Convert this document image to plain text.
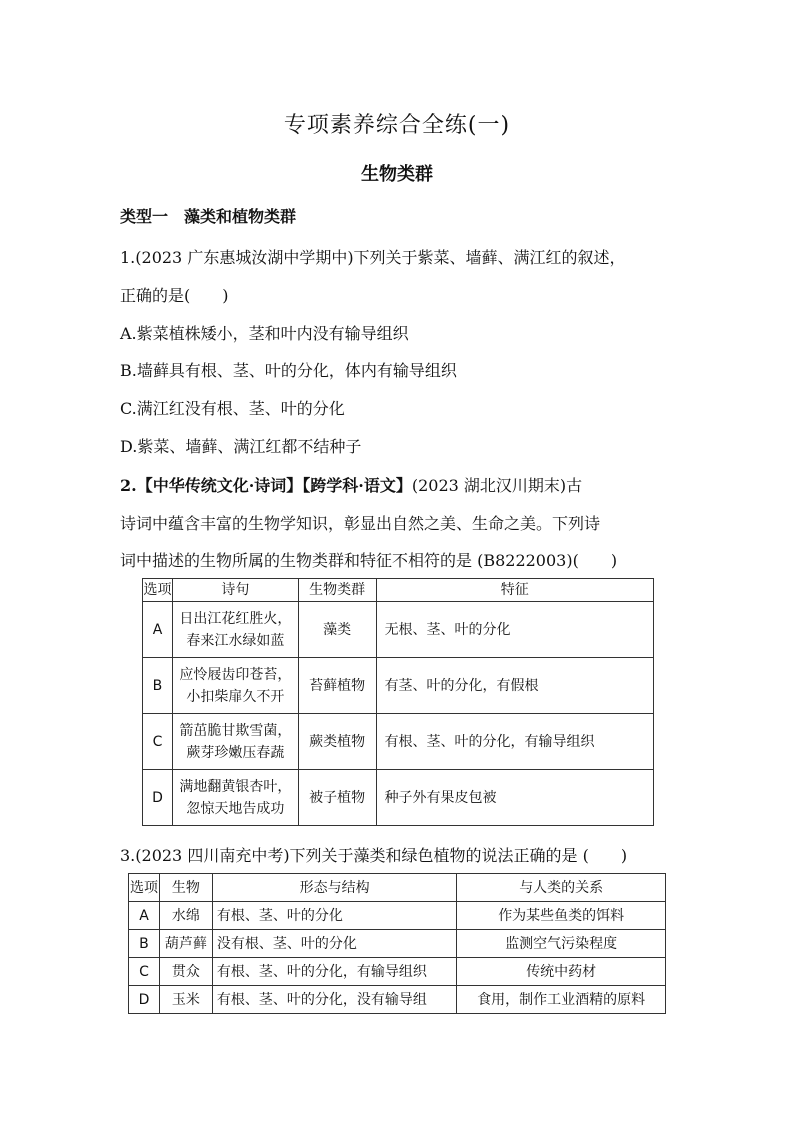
专项素养综合全练(一)
生物类群
类型一　藻类和植物类群
1.(2023 广东惠城汝湖中学期中)下列关于紫菜、墙藓、满江红的叙述，
正确的是(　　)
A.紫菜植株矮小，茎和叶内没有输导组织
B.墙藓具有根、茎、叶的分化，体内有输导组织
C.满江红没有根、茎、叶的分化
D.紫菜、墙藓、满江红都不结种子
2.【中华传统文化·诗词】【跨学科·语文】(2023 湖北汉川期末)古
诗词中蕴含丰富的生物学知识，彰显出自然之美、生命之美。下列诗
词中描述的生物所属的生物类群和特征不相符的是 (B8222003)(　　)
选项	诗句	生物类群	特征
A	日出江花红胜火，
春来江水绿如蓝	藻类	无根、茎、叶的分化
B	应怜屐齿印苍苔，
小扣柴扉久不开	苔藓植物	有茎、叶的分化，有假根
C	箭茁脆甘欺雪菌，
蕨芽珍嫩压春蔬	蕨类植物	有根、茎、叶的分化，有输导组织
D	满地翻黄银杏叶，
忽惊天地告成功	被子植物	种子外有果皮包被
3.(2023 四川南充中考)下列关于藻类和绿色植物的说法正确的是 (　　)
选项	生物	形态与结构	与人类的关系
A	水绵	有根、茎、叶的分化	作为某些鱼类的饵料
B	葫芦藓	没有根、茎、叶的分化	监测空气污染程度
C	贯众	有根、茎、叶的分化，有输导组织	传统中药材
D	玉米	有根、茎、叶的分化，没有输导组	食用，制作工业酒精的原料
